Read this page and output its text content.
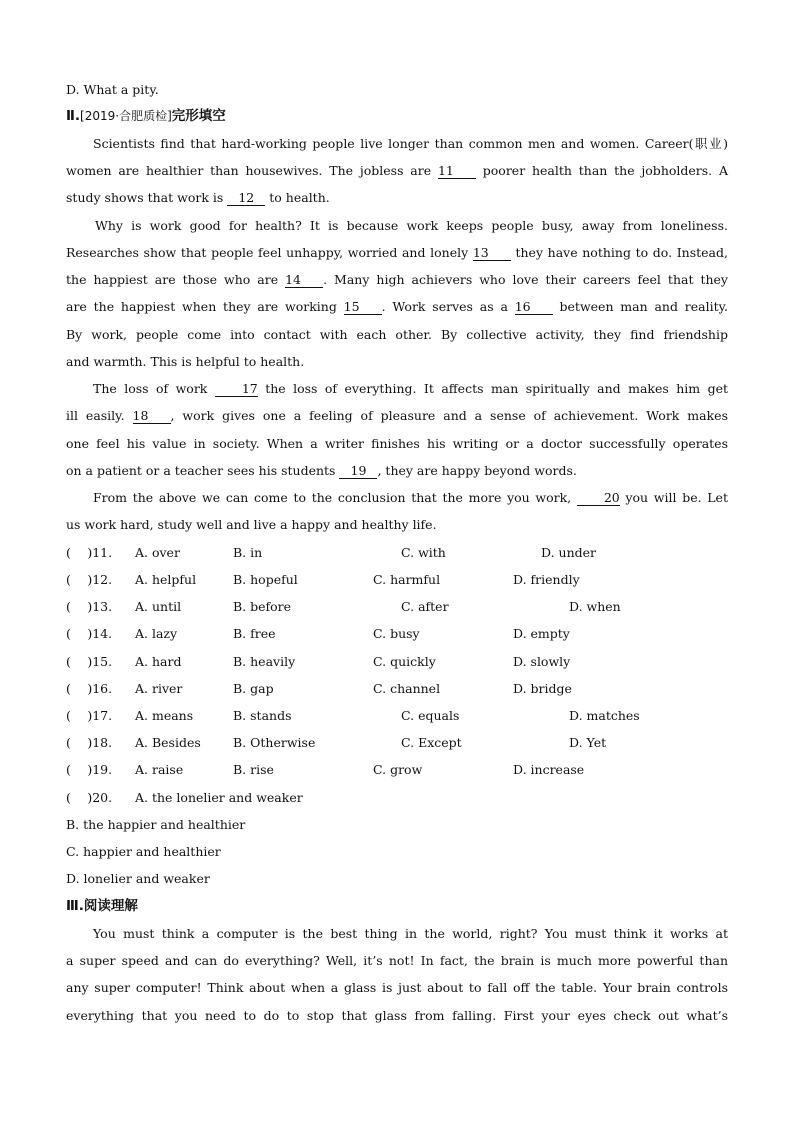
D. What a pity.
Ⅱ.[2019·合肥质检]完形填空
Scientists find that hard-working people live longer than common men and women. Career(职业)
women are healthier than housewives. The jobless are 11 poorer health than the jobholders. A
study shows that work is 12 to health.
Why is work good for health? It is because work keeps people busy, away from loneliness.
Researches show that people feel unhappy, worried and lonely 13 they have nothing to do. Instead,
the happiest are those who are 14 . Many high achievers who love their careers feel that they
are the happiest when they are working 15 . Work serves as a 16 between man and reality.
By work, people come into contact with each other. By collective activity, they find friendship
and warmth. This is helpful to health.
The loss of work	17 the loss of everything. It affects man spiritually and makes him get
ill easily. 18 , work gives one a feeling of pleasure and a sense of achievement. Work makes
one feel his value in society. When a writer finishes his writing or a doctor successfully operates
on a patient or a teacher sees his students 19 , they are happy beyond words.
From the above we can come to the conclusion that the more you work,	20 you will be. Let
us work hard, study well and live a happy and healthy life.
(　 )11. A. over	B. in	C. with	D. under
(　 )12. A. helpful	B. hopeful	C. harmful	D. friendly
(　 )13. A. until	B. before	C. after	D. when
(　 )14. A. lazy	B. free	C. busy	D. empty
(　 )15. A. hard	B. heavily	C. quickly	D. slowly
(　 )16. A. river	B. gap	C. channel	D. bridge
(　 )17. A. means	B. stands	C. equals	D. matches
(　 )18. A. Besides	B. Otherwise	C. Except	D. Yet
(　 )19. A. raise	B. rise	C. grow	D. increase
(　 )20. A. the lonelier and weaker
B. the happier and healthier
C. happier and healthier
D. lonelier and weaker
Ⅲ.阅读理解
You must think a computer is the best thing in the world, right? You must think it works at
a super speed and can do everything? Well, it’s not! In fact, the brain is much more powerful than
any super computer! Think about when a glass is just about to fall off the table. Your brain controls
everything that you need to do to stop that glass from falling. First your eyes check out what’s
